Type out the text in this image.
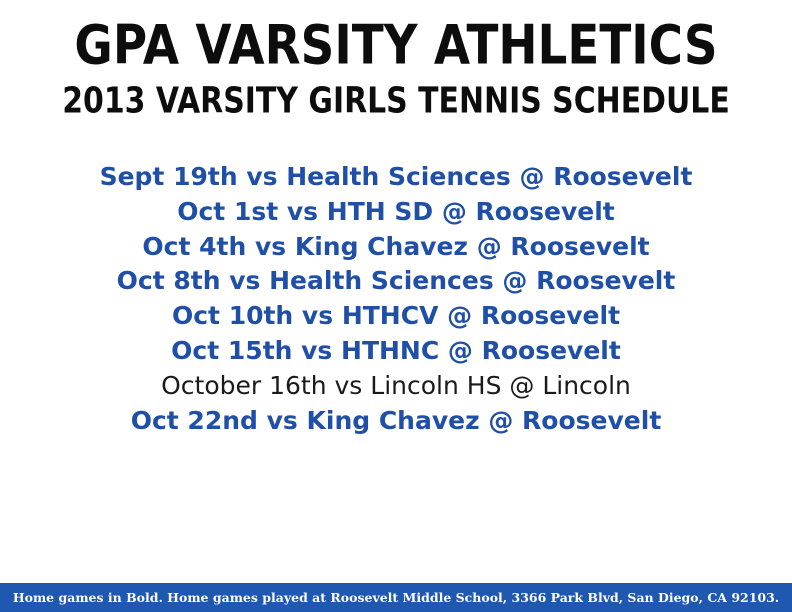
GPA VARSITY ATHLETICS
2013 VARSITY GIRLS TENNIS SCHEDULE
Sept 19th vs Health Sciences @ Roosevelt
Oct 1st vs HTH SD @ Roosevelt
Oct 4th vs King Chavez @ Roosevelt
Oct 8th vs Health Sciences @ Roosevelt
Oct 10th vs HTHCV @ Roosevelt
Oct 15th vs HTHNC @ Roosevelt
October 16th vs Lincoln HS @ Lincoln
Oct 22nd vs King Chavez @ Roosevelt
Home games in Bold. Home games played at Roosevelt Middle School, 3366 Park Blvd, San Diego, CA 92103.
